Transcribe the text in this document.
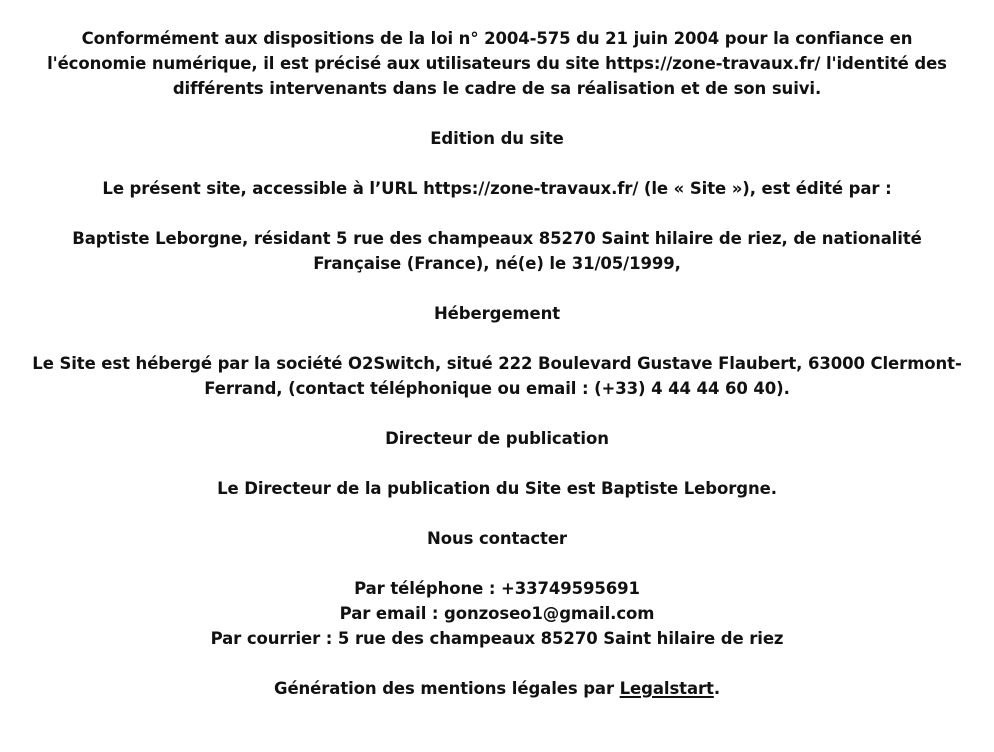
Conformément aux dispositions de la loi n° 2004-575 du 21 juin 2004 pour la confiance en l'économie numérique, il est précisé aux utilisateurs du site https://zone-travaux.fr/ l'identité des différents intervenants dans le cadre de sa réalisation et de son suivi.

Edition du site

Le présent site, accessible à l’URL https://zone-travaux.fr/ (le « Site »), est édité par :

Baptiste Leborgne, résidant 5 rue des champeaux 85270 Saint hilaire de riez, de nationalité Française (France), né(e) le 31/05/1999,

Hébergement

Le Site est hébergé par la société O2Switch, situé 222 Boulevard Gustave Flaubert, 63000 Clermont-Ferrand, (contact téléphonique ou email : (+33) 4 44 44 60 40).

Directeur de publication

Le Directeur de la publication du Site est Baptiste Leborgne.

Nous contacter

Par téléphone : +33749595691

Par email : gonzoseo1@gmail.com

Par courrier : 5 rue des champeaux 85270 Saint hilaire de riez

Génération des mentions légales par Legalstart.
